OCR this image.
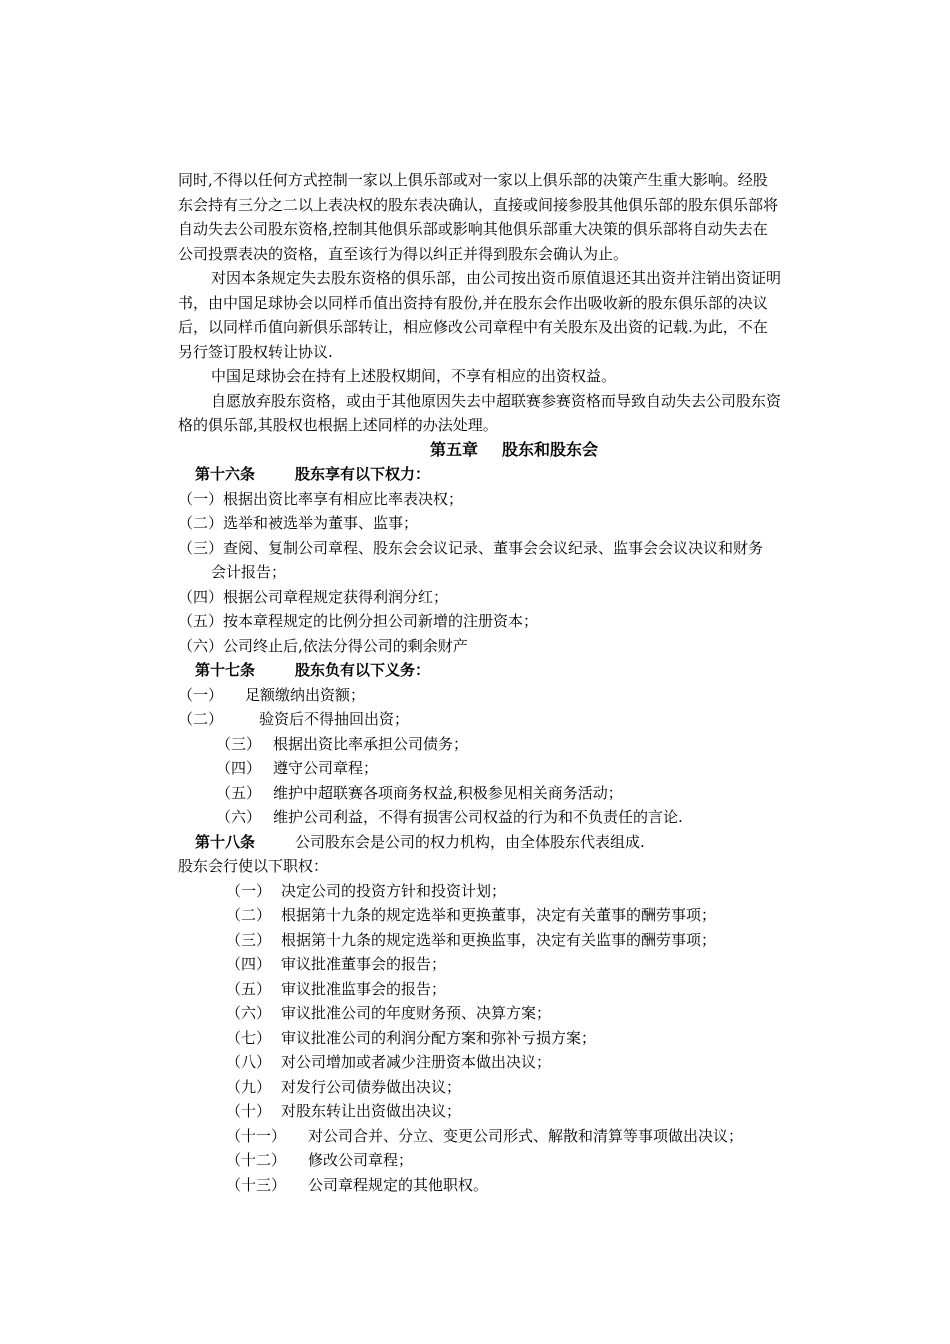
同时,不得以任何方式控制一家以上俱乐部或对一家以上俱乐部的决策产生重大影响。经股
东会持有三分之二以上表决权的股东表决确认，直接或间接参股其他俱乐部的股东俱乐部将
自动失去公司股东资格,控制其他俱乐部或影响其他俱乐部重大决策的俱乐部将自动失去在
公司投票表决的资格，直至该行为得以纠正并得到股东会确认为止。
对因本条规定失去股东资格的俱乐部，由公司按出资币原值退还其出资并注销出资证明
书，由中国足球协会以同样币值出资持有股份,并在股东会作出吸收新的股东俱乐部的决议
后，以同样币值向新俱乐部转让，相应修改公司章程中有关股东及出资的记载.为此，不在
另行签订股权转让协议.
中国足球协会在持有上述股权期间，不享有相应的出资权益。
自愿放弃股东资格，或由于其他原因失去中超联赛参赛资格而导致自动失去公司股东资
格的俱乐部,其股权也根据上述同样的办法处理。
第五章 股东和股东会
第十六条	股东享有以下权力：
（一）根据出资比率享有相应比率表决权；
（二）选举和被选举为董事、监事；
（三）查阅、复制公司章程、股东会会议记录、董事会会议纪录、监事会会议决议和财务
会计报告；
（四）根据公司章程规定获得利润分红；
（五）按本章程规定的比例分担公司新增的注册资本；
（六）公司终止后,依法分得公司的剩余财产
第十七条	股东负有以下义务：
（一） 足额缴纳出资额；
（二） 验资后不得抽回出资；
（三） 根据出资比率承担公司债务；
（四） 遵守公司章程；
（五） 维护中超联赛各项商务权益,积极参见相关商务活动；
（六） 维护公司利益，不得有损害公司权益的行为和不负责任的言论.
第十八条	公司股东会是公司的权力机构，由全体股东代表组成.
股东会行使以下职权：
（一） 决定公司的投资方针和投资计划；
（二） 根据第十九条的规定选举和更换董事，决定有关董事的酬劳事项；
（三） 根据第十九条的规定选举和更换监事，决定有关监事的酬劳事项；
（四） 审议批准董事会的报告；
（五） 审议批准监事会的报告；
（六） 审议批准公司的年度财务预、决算方案；
（七） 审议批准公司的利润分配方案和弥补亏损方案；
（八） 对公司增加或者减少注册资本做出决议；
（九） 对发行公司债券做出决议；
（十） 对股东转让出资做出决议；
（十一） 对公司合并、分立、变更公司形式、解散和清算等事项做出决议；
（十二） 修改公司章程；
（十三） 公司章程规定的其他职权。
